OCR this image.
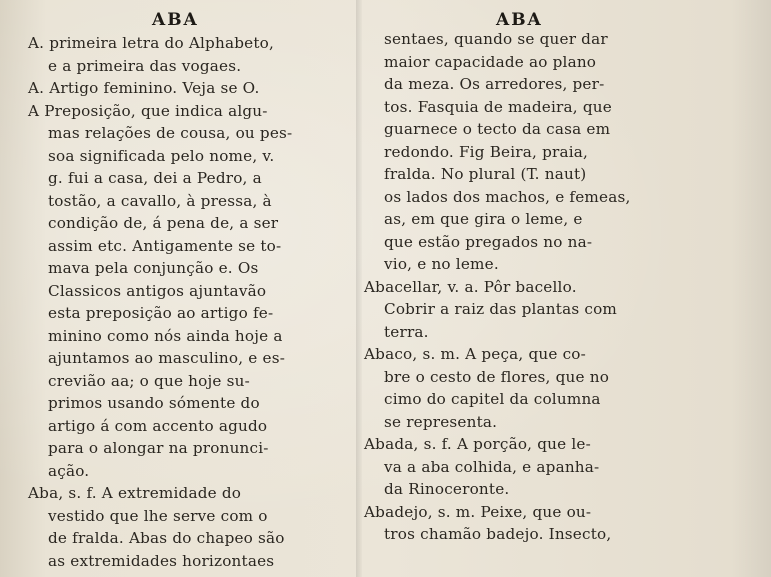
ABA
A. primeira letra do Alphabeto,
e a primeira das vogaes.
A. Artigo feminino. Veja se O.
A Preposição, que indica algu-
mas relações de cousa, ou pes-
soa significada pelo nome, v.
g. fui a casa, dei a Pedro, a
tostão, a cavallo, à pressa, à
condição de, á pena de, a ser
assim etc. Antigamente se to-
mava pela conjunção e. Os
Classicos antigos ajuntavão
esta preposição ao artigo fe-
minino como nós ainda hoje a
ajuntamos ao masculino, e es-
crevião aa; o que hoje su-
primos usando sómente do
artigo á com accento agudo
para o alongar na pronunci-
ação.
Aba, s. f. A extremidade do
vestido que lhe serve com o
de fralda. Abas do chapeo são
as extremidades horizontaes
ABA
sentaes, quando se quer dar
maior capacidade ao plano
da meza. Os arredores, per-
tos. Fasquia de madeira, que
guarnece o tecto da casa em
redondo. Fig Beira, praia,
fralda. No plural (T. naut)
os lados dos machos, e femeas,
as, em que gira o leme, e
que estão pregados no na-
vio, e no leme.
Abacellar, v. a. Pôr bacello.
Cobrir a raiz das plantas com
terra.
Abaco, s. m. A peça, que co-
bre o cesto de flores, que no
cimo do capitel da columna
se representa.
Abada, s. f. A porção, que le-
va a aba colhida, e apanha-
da Rinoceronte.
Abadejo, s. m. Peixe, que ou-
tros chamão badejo. Insecto,
